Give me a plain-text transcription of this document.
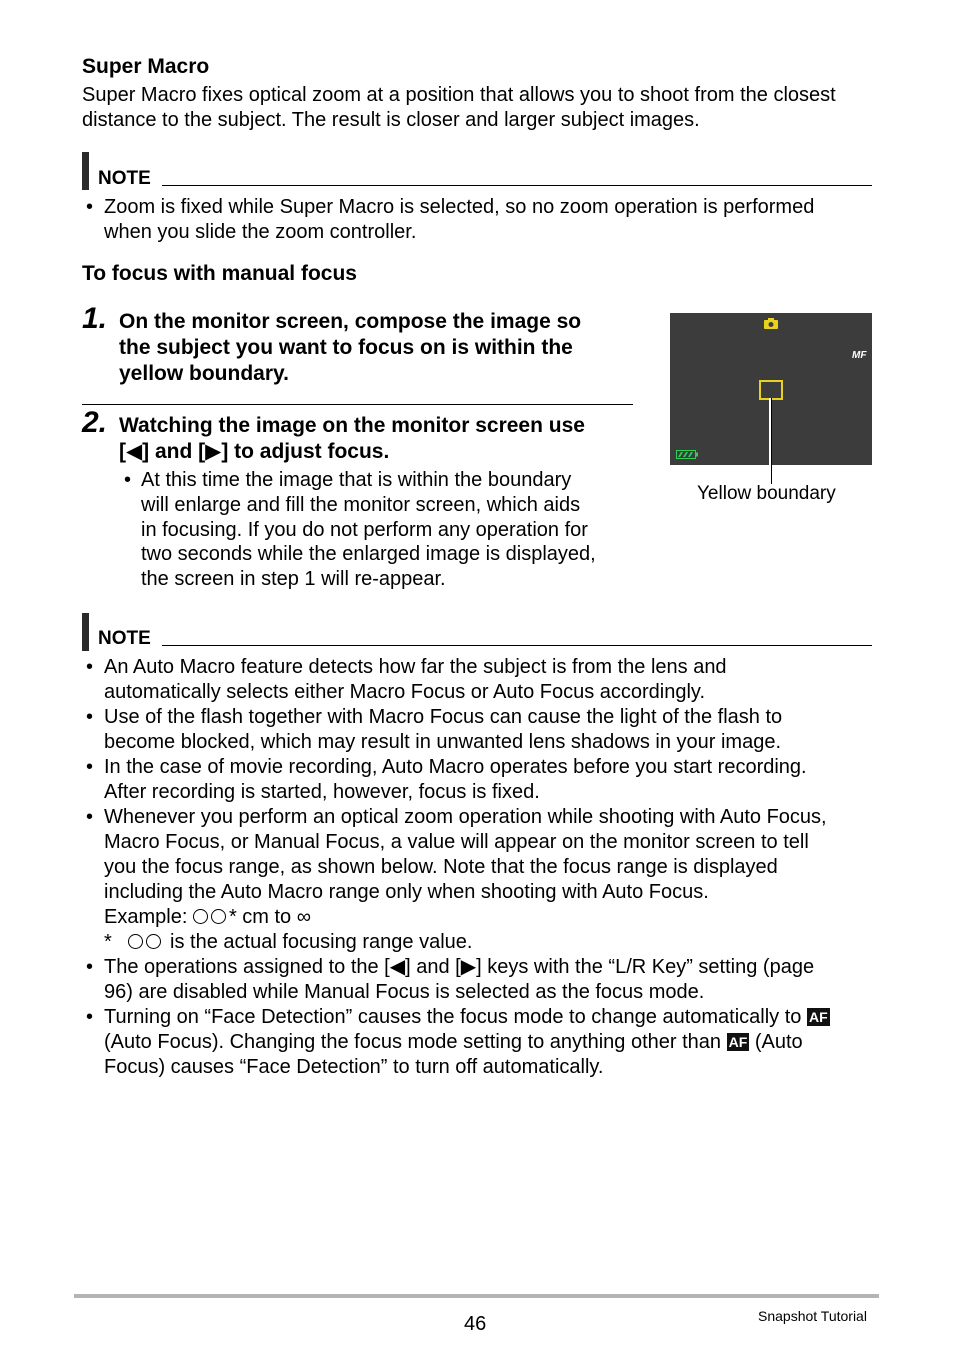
Super Macro
Super Macro fixes optical zoom at a position that allows you to shoot from the closest
distance to the subject. The result is closer and larger subject images.
NOTE
• Zoom is fixed while Super Macro is selected, so no zoom operation is performed
when you slide the zoom controller.
To focus with manual focus
1. On the monitor screen, compose the image so
the subject you want to focus on is within the
yellow boundary.
2. Watching the image on the monitor screen use
[◀] and [▶] to adjust focus.
• At this time the image that is within the boundary
will enlarge and fill the monitor screen, which aids
in focusing. If you do not perform any operation for
two seconds while the enlarged image is displayed,
the screen in step 1 will re-appear.
MF
Yellow boundary
NOTE
• An Auto Macro feature detects how far the subject is from the lens and
automatically selects either Macro Focus or Auto Focus accordingly.
• Use of the flash together with Macro Focus can cause the light of the flash to
become blocked, which may result in unwanted lens shadows in your image.
• In the case of movie recording, Auto Macro operates before you start recording.
After recording is started, however, focus is fixed.
• Whenever you perform an optical zoom operation while shooting with Auto Focus,
Macro Focus, or Manual Focus, a value will appear on the monitor screen to tell
you the focus range, as shown below. Note that the focus range is displayed
including the Auto Macro range only when shooting with Auto Focus.
Example: * cm to ∞
*	is the actual focusing range value.
• The operations assigned to the [◀] and [▶] keys with the “L/R Key” setting (page
96) are disabled while Manual Focus is selected as the focus mode.
• Turning on “Face Detection” causes the focus mode to change automatically to AF
(Auto Focus). Changing the focus mode setting to anything other than AF (Auto
Focus) causes “Face Detection” to turn off automatically.
46	Snapshot Tutorial
